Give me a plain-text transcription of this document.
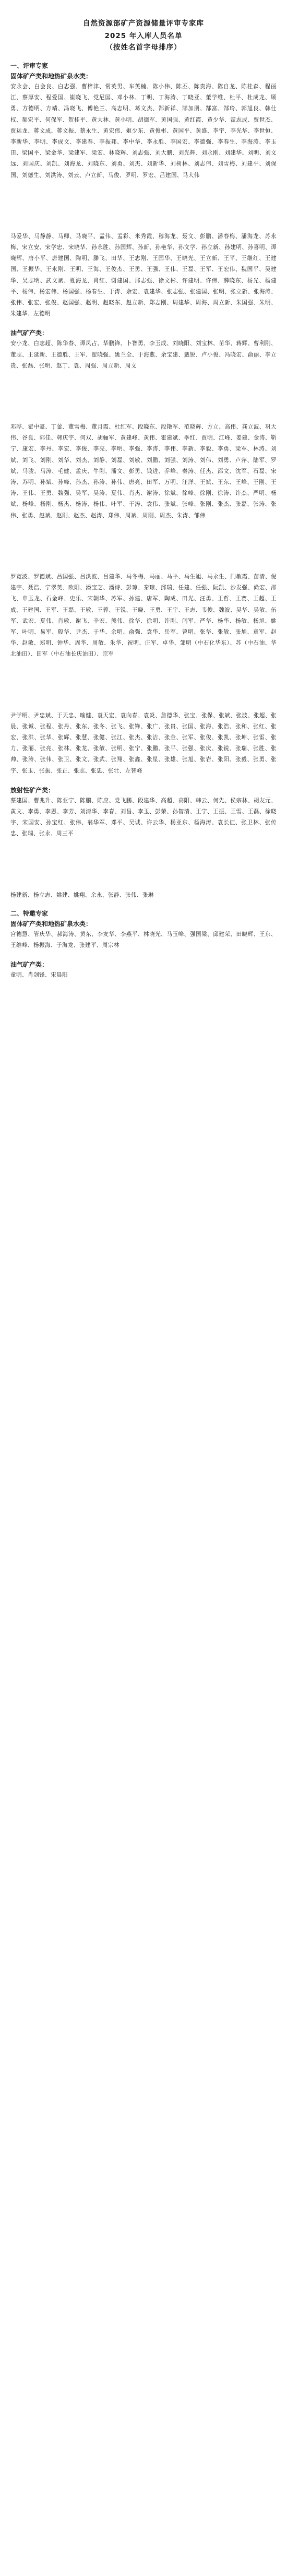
自然资源部矿产资源储量评审专家库
2025 年入库人员名单
（按姓名首字母排序）
一、评审专家
固体矿产类和地热矿泉水类：

安永会、白会良、白志强、曹梓津、常英男、车英楠、陈小伟、陈丕、陈贵海、陈自龙、陈桂森、程丽江、蔡厚安、程爱国、崔晓飞、党尼国、邓小林、丁明、丁海涛、丁晓亚、董学维、杜平、杜成龙、顾勇、方德明、方靖、冯晓飞、傅艳兰、高志明、葛文杰、郜新祥、郜加朋、郜富、郜玲、郭旭良、韩仕权、郝宏平、何保军、贺桂平、黄大林、黄小明、胡德军、黄国强、黄红霞、黄少华、霍志成、贾世杰、贾运龙、蒋文成、蒋文振、蔡永生、黄宏伟、姬少东、黄俊彬、黄国平、黄盛、李宇、李光华、李世恒、李新华、李明、李成文、李建春、李振邦、李中华、李永胜、李国宏、李德强、李春生、李海涛、李玉田、梁国平、梁金华、梁建军、梁宏、林晓辉、刘志强、刘大鹏、刘光辉、刘永刚、刘建华、刘明、刘文远、刘国庆、刘凯、刘海龙、刘晓东、刘勇、刘杰、刘新华、刘树林、刘志伟、刘雪梅、刘建平、刘保国、刘德生、刘洪涛、刘云、卢立新、马俊、罗明、罗宏、吕建国、马大伟

马爱华、马静静、马卿、马晓平、孟伟、孟彩、米秀霞、穆海龙、聂文、彭鹏、潘春梅、潘海龙、苏永梅、宋立安、宋学忠、宋晓华、孙永胜、孙国辉、孙新、孙艳华、孙文学、孙立新、孙建明、孙喜明、谭晓辉、唐小平、唐建国、陶明、滕飞、田华、王志刚、王国华、王晓光、王立新、王平、王继红、王建国、王振华、王永刚、王明、王海、王俊杰、王勇、王强、王伟、王磊、王军、王宏伟、魏国平、吴建华、吴志明、武文斌、夏海龙、肖红、谢建国、邢志强、徐文彬、许建明、许伟、薛晓东、杨光、杨建平、杨伟、杨宏伟、杨国强、杨春生、于涛、余宏、袁建华、张志强、张建国、张明、张立新、张海涛、张伟、张宏、张俊、赵国强、赵明、赵晓东、赵立新、郑志刚、周建华、周海、周立新、朱国强、朱明、朱建华、左德明

油气矿产类：

安小龙、白志超、陈华春、谭凤占、华鹏锋、卜智勇、李玉成、刘晓阳、刘宝林、苗华、蒋辉、曹利刚、董志、王延新、王德胜、王军、翟晓强、姚兰全、于海燕、余宝建、戴锐、卢小俊、冯晓宏、俞丽、李立贵、张磊、张明、赵丁、袁、周强、周立新、周文

邓晔、翟中豪、丁蕾、董雪梅、董月霞、杜红军、段晓东、段艳军、范晓辉、方立、高伟、龚立波、巩大伟、谷良、郭佳、韩庆宇、何双、胡骊军、黄建峰、黄伟、霍建斌、季红、贾明、江峰、姜建、金涛、靳宁、康宏、李丹、李宏、李俊、李亮、李明、李强、李涛、李伟、李新、李毅、李勇、梁军、林涛、刘斌、刘飞、刘刚、刘华、刘杰、刘静、刘磊、刘敏、刘鹏、刘强、刘涛、刘伟、刘勇、卢萍、陆军、罗斌、马骏、马涛、毛健、孟庆、牛刚、潘文、彭勇、钱进、乔峰、秦涛、任杰、邵文、沈军、石磊、宋涛、苏明、孙斌、孙峰、孙杰、孙涛、孙伟、唐亮、田军、万明、汪洋、王斌、王东、王峰、王刚、王涛、王伟、王勇、魏强、吴军、吴涛、夏伟、肖杰、谢涛、徐斌、徐峰、徐刚、徐涛、许杰、严明、杨斌、杨峰、杨刚、杨杰、杨涛、杨伟、叶军、于涛、袁伟、张斌、张峰、张刚、张杰、张磊、张涛、张伟、张勇、赵斌、赵刚、赵杰、赵涛、郑伟、周斌、周刚、周杰、朱涛、邹伟

罗宽波、罗德斌、吕国强、吕洪波、吕建华、马冬梅、马丽、马平、马生旭、马永生、门敏霞、苗清、倪建宇、聂浩、宁翠英、欧阳、潘宝芝、潘诗、彭琼、秦琼、邱瑞、任建、任强、阮凯、沙发强、尚宏、邵飞、申玉龙、石金峰、史乐、宋朝华、苏军、孙建、唐军、陶成、田光、汪勇、王哲、王赛、王超、王成、王建国、王军、王磊、王敏、王蓉、王锐、王晓、王勇、王宇、王志、韦俊、魏波、吴华、吴敏、伍军、武宏、夏伟、肖敏、谢飞、辛宏、熊伟、徐华、徐明、许刚、闫军、严华、杨华、杨敏、杨旭、姚军、叶明、易军、殷华、尹杰、于华、余明、俞强、袁华、岳军、曾明、张华、张敏、张旭、章军、赵华、赵敏、郑明、钟华、周华、周敏、朱华、祝明、庄军、卓华、邹明（中石化华东）、苏（中石油、华北油田）、田军（中石油长庆油田）、宗军

尹学明、尹忠斌、于天忠、喻健、袁天宏、袁向春、袁炎、詹德华、张宝、张保、张斌、张波、张超、张晨、张诚、张程、张丹、张东、张冬、张飞、张锋、张广、张贵、张国、张海、张浩、张和、张红、张宏、张洪、张华、张辉、张慧、张健、张江、张杰、张洁、张金、张军、张俊、张凯、张坤、张雷、张力、张丽、张亮、张林、张龙、张敏、张明、张宁、张鹏、张平、张强、张庆、张锐、张瑞、张胜、张帅、张涛、张伟、张卫、张文、张武、张翔、张鑫、张星、张雄、张旭、张岩、张阳、张毅、张勇、张宇、张玉、张振、张正、张志、张忠、张壮、左智峰

放射性矿产类：

蔡建国、曹兆升、陈亚宁、陈鹏、陈应、党飞鹏、段建华、高超、高阳、韩云、何先、侯宗林、胡友元、黄文、李勇、李恩、李芳、刘清华、李春、刘昌、李玉、彭荣、孙智清、王宁、王振、王雪、王磊、徐晓宇、宋国安、孙宝红、张伟、翁华军、邓平、吴诚、许云华、杨亚东、杨海涛、袁长征、张卫林、张传忠、张瑞、张永、周三平

杨建新、杨立志、姚建、姚翔、余永、张静、张伟、张琳

二、特邀专家
固体矿产类和地热矿泉水类：

宫德慧、管庆华、郝海涛、黄东、李友华、李燕平、林晓光、马玉峰、强国梁、邱建荣、田晓辉、王东、王维峰、杨振海、于海龙、张建平、周宗林

油气矿产类：

童明、肖剑锋、宋晨阳
